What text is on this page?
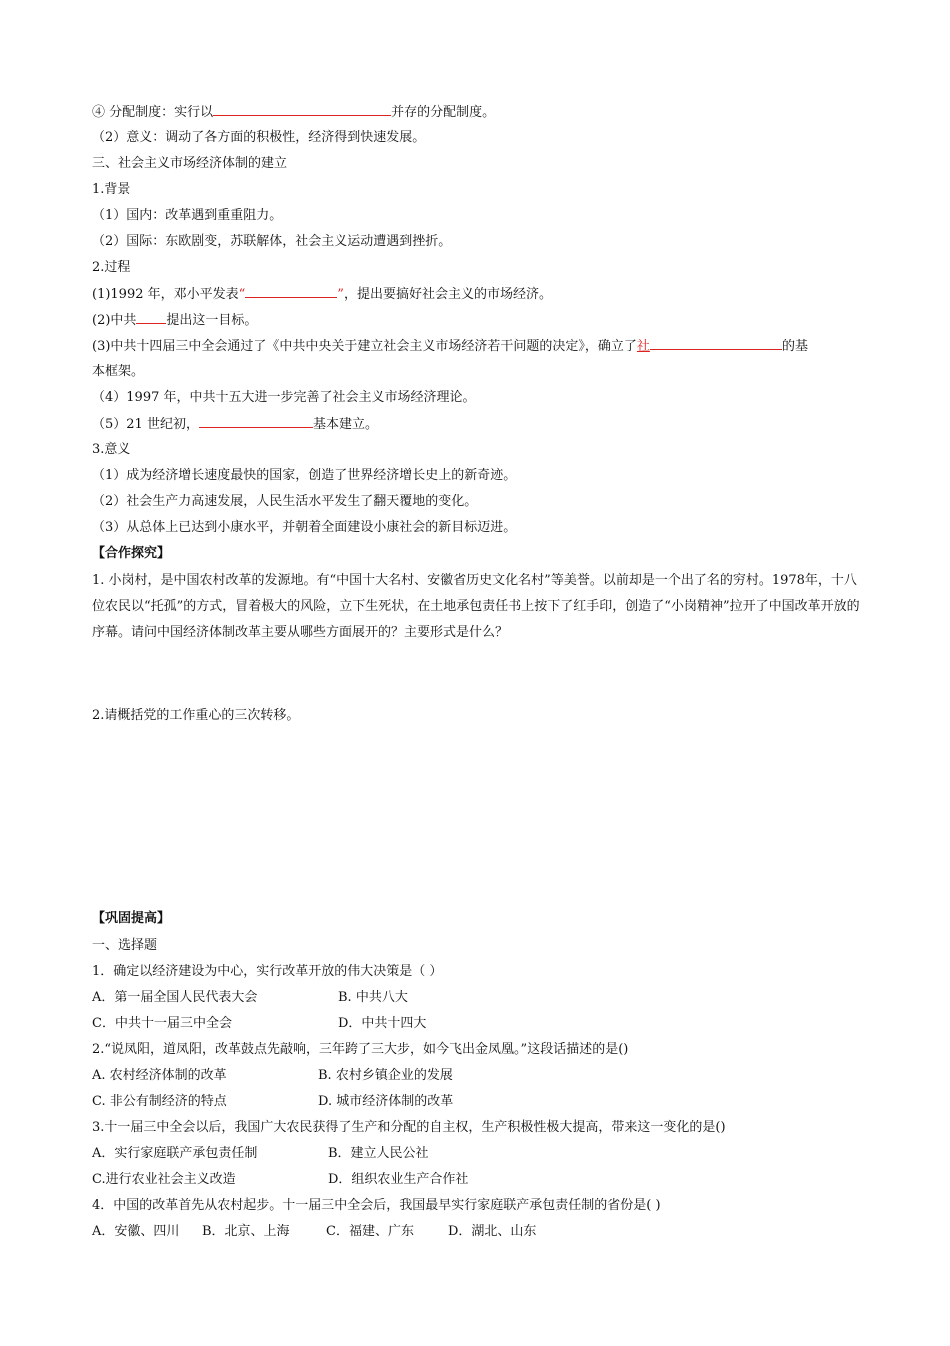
④ 分配制度：实行以	并存的分配制度。
（2）意义：调动了各方面的积极性，经济得到快速发展。
三、社会主义市场经济体制的建立
1.背景
（1）国内：改革遇到重重阻力。
（2）国际：东欧剧变，苏联解体，社会主义运动遭遇到挫折。
2.过程
(1)1992 年，邓小平发表“	”，提出要搞好社会主义的市场经济。
(2)中共 提出这一目标。
(3)中共十四届三中全会通过了《中共中央关于建立社会主义市场经济若干问题的决定》，确立了社	的基
本框架。
（4）1997 年，中共十五大进一步完善了社会主义市场经济理论。
（5）21 世纪初，	基本建立。
3.意义
（1）成为经济增长速度最快的国家，创造了世界经济增长史上的新奇迹。
（2）社会生产力高速发展，人民生活水平发生了翻天覆地的变化。
（3）从总体上已达到小康水平，并朝着全面建设小康社会的新目标迈进。
【合作探究】
1. 小岗村，是中国农村改革的发源地。有“中国十大名村、安徽省历史文化名村”等美誉。以前却是一个出了名的穷村。1978年，十八位农民以“托孤”的方式，冒着极大的风险，立下生死状，在土地承包责任书上按下了红手印，创造了“小岗精神”拉开了中国改革开放的序幕。请问中国经济体制改革主要从哪些方面展开的？主要形式是什么？
2.请概括党的工作重心的三次转移。
【巩固提高】
一、选择题
1．确定以经济建设为中心，实行改革开放的伟大决策是（ ）
A．第一届全国人民代表大会	B. 中共八大
C．中共十一届三中全会	D．中共十四大
2.“说凤阳，道凤阳，改革鼓点先敲响，三年跨了三大步，如今飞出金凤凰。”这段话描述的是()
A. 农村经济体制的改革	B. 农村乡镇企业的发展
C. 非公有制经济的特点	D. 城市经济体制的改革
3.十一届三中全会以后，我国广大农民获得了生产和分配的自主权，生产积极性极大提高，带来这一变化的是()
A．实行家庭联产承包责任制	B．建立人民公社
C.进行农业社会主义改造	D．组织农业生产合作社
4．中国的改革首先从农村起步。十一届三中全会后，我国最早实行家庭联产承包责任制的省份是( )
A．安徽、四川 B．北京、上海	C．福建、广东	D．湖北、山东
